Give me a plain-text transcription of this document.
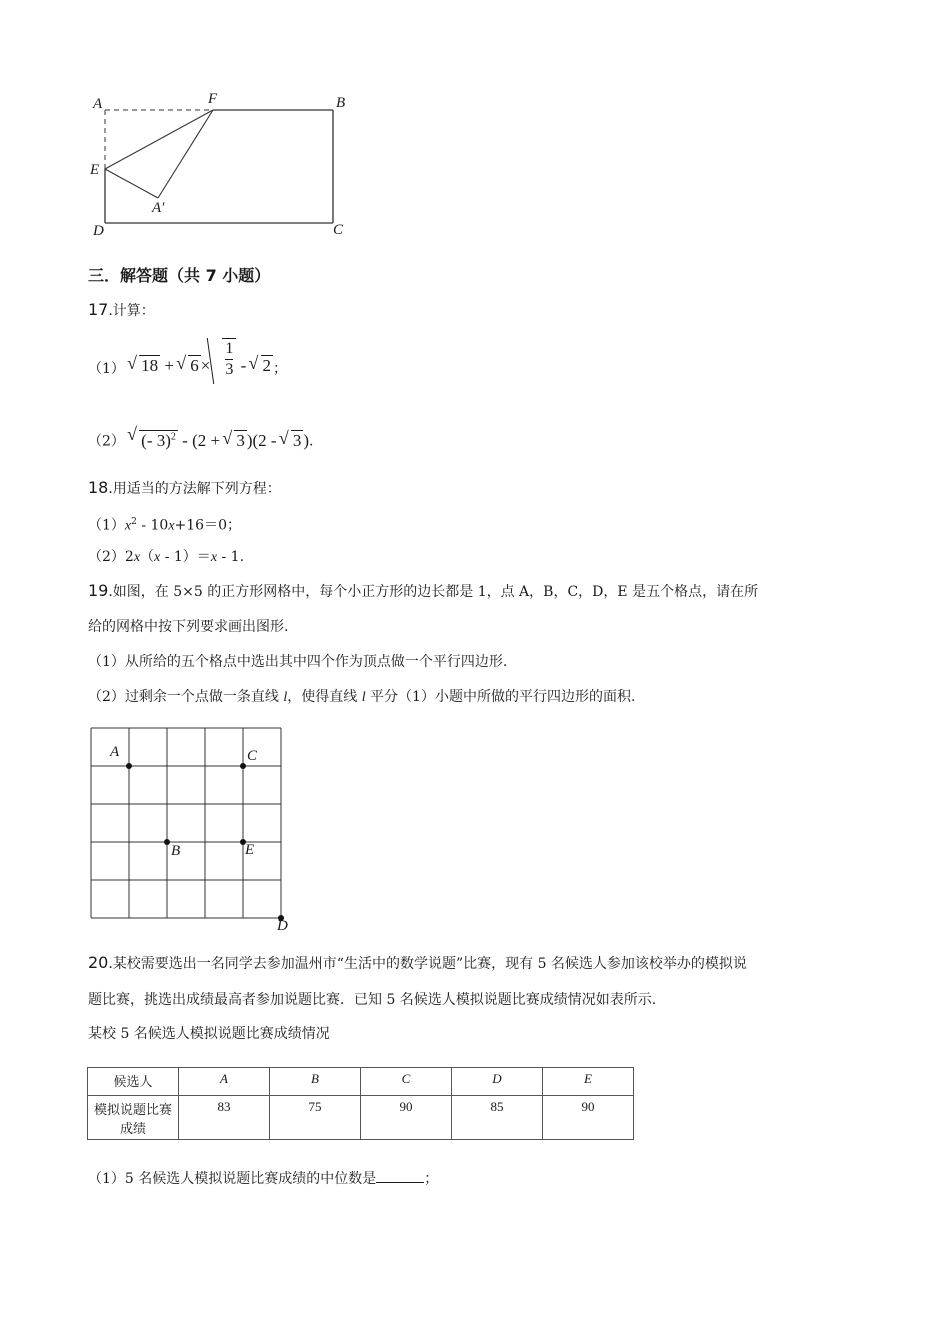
A	F	B
E
A′
D	C
三．解答题（共 7 小题）
17.计算：
（1） √ 18 + √ $6 \times \frac{1}{3}$ - √ 2 ；
（2） √ (- 3)$^2$ - (2 + √ 3 )(2 - √ 3 ).
18.用适当的方法解下列方程：
$(1)x^2 - 10x+16=0$；
（2）2x（x - 1）＝x - 1.
19.如图，在 5×5 的正方形网格中，每个小正方形的边长都是 1，点 A，B，C，D，E 是五个格点，请在所
给的网格中按下列要求画出图形.
（1）从所给的五个格点中选出其中四个作为顶点做一个平行四边形.
（2）过剩余一个点做一条直线 l，使得直线 l 平分（1）小题中所做的平行四边形的面积.
A	C
B	E
D
20.某校需要选出一名同学去参加温州市“生活中的数学说题”比赛，现有 5 名候选人参加该校举办的模拟说
题比赛，挑选出成绩最高者参加说题比赛．已知 5 名候选人模拟说题比赛成绩情况如表所示.
某校 5 名候选人模拟说题比赛成绩情况
候选人	A	B	C	D	E

模拟说题比赛
成绩	83	75	90	85	90
（1）5 名候选人模拟说题比赛成绩的中位数是	；
